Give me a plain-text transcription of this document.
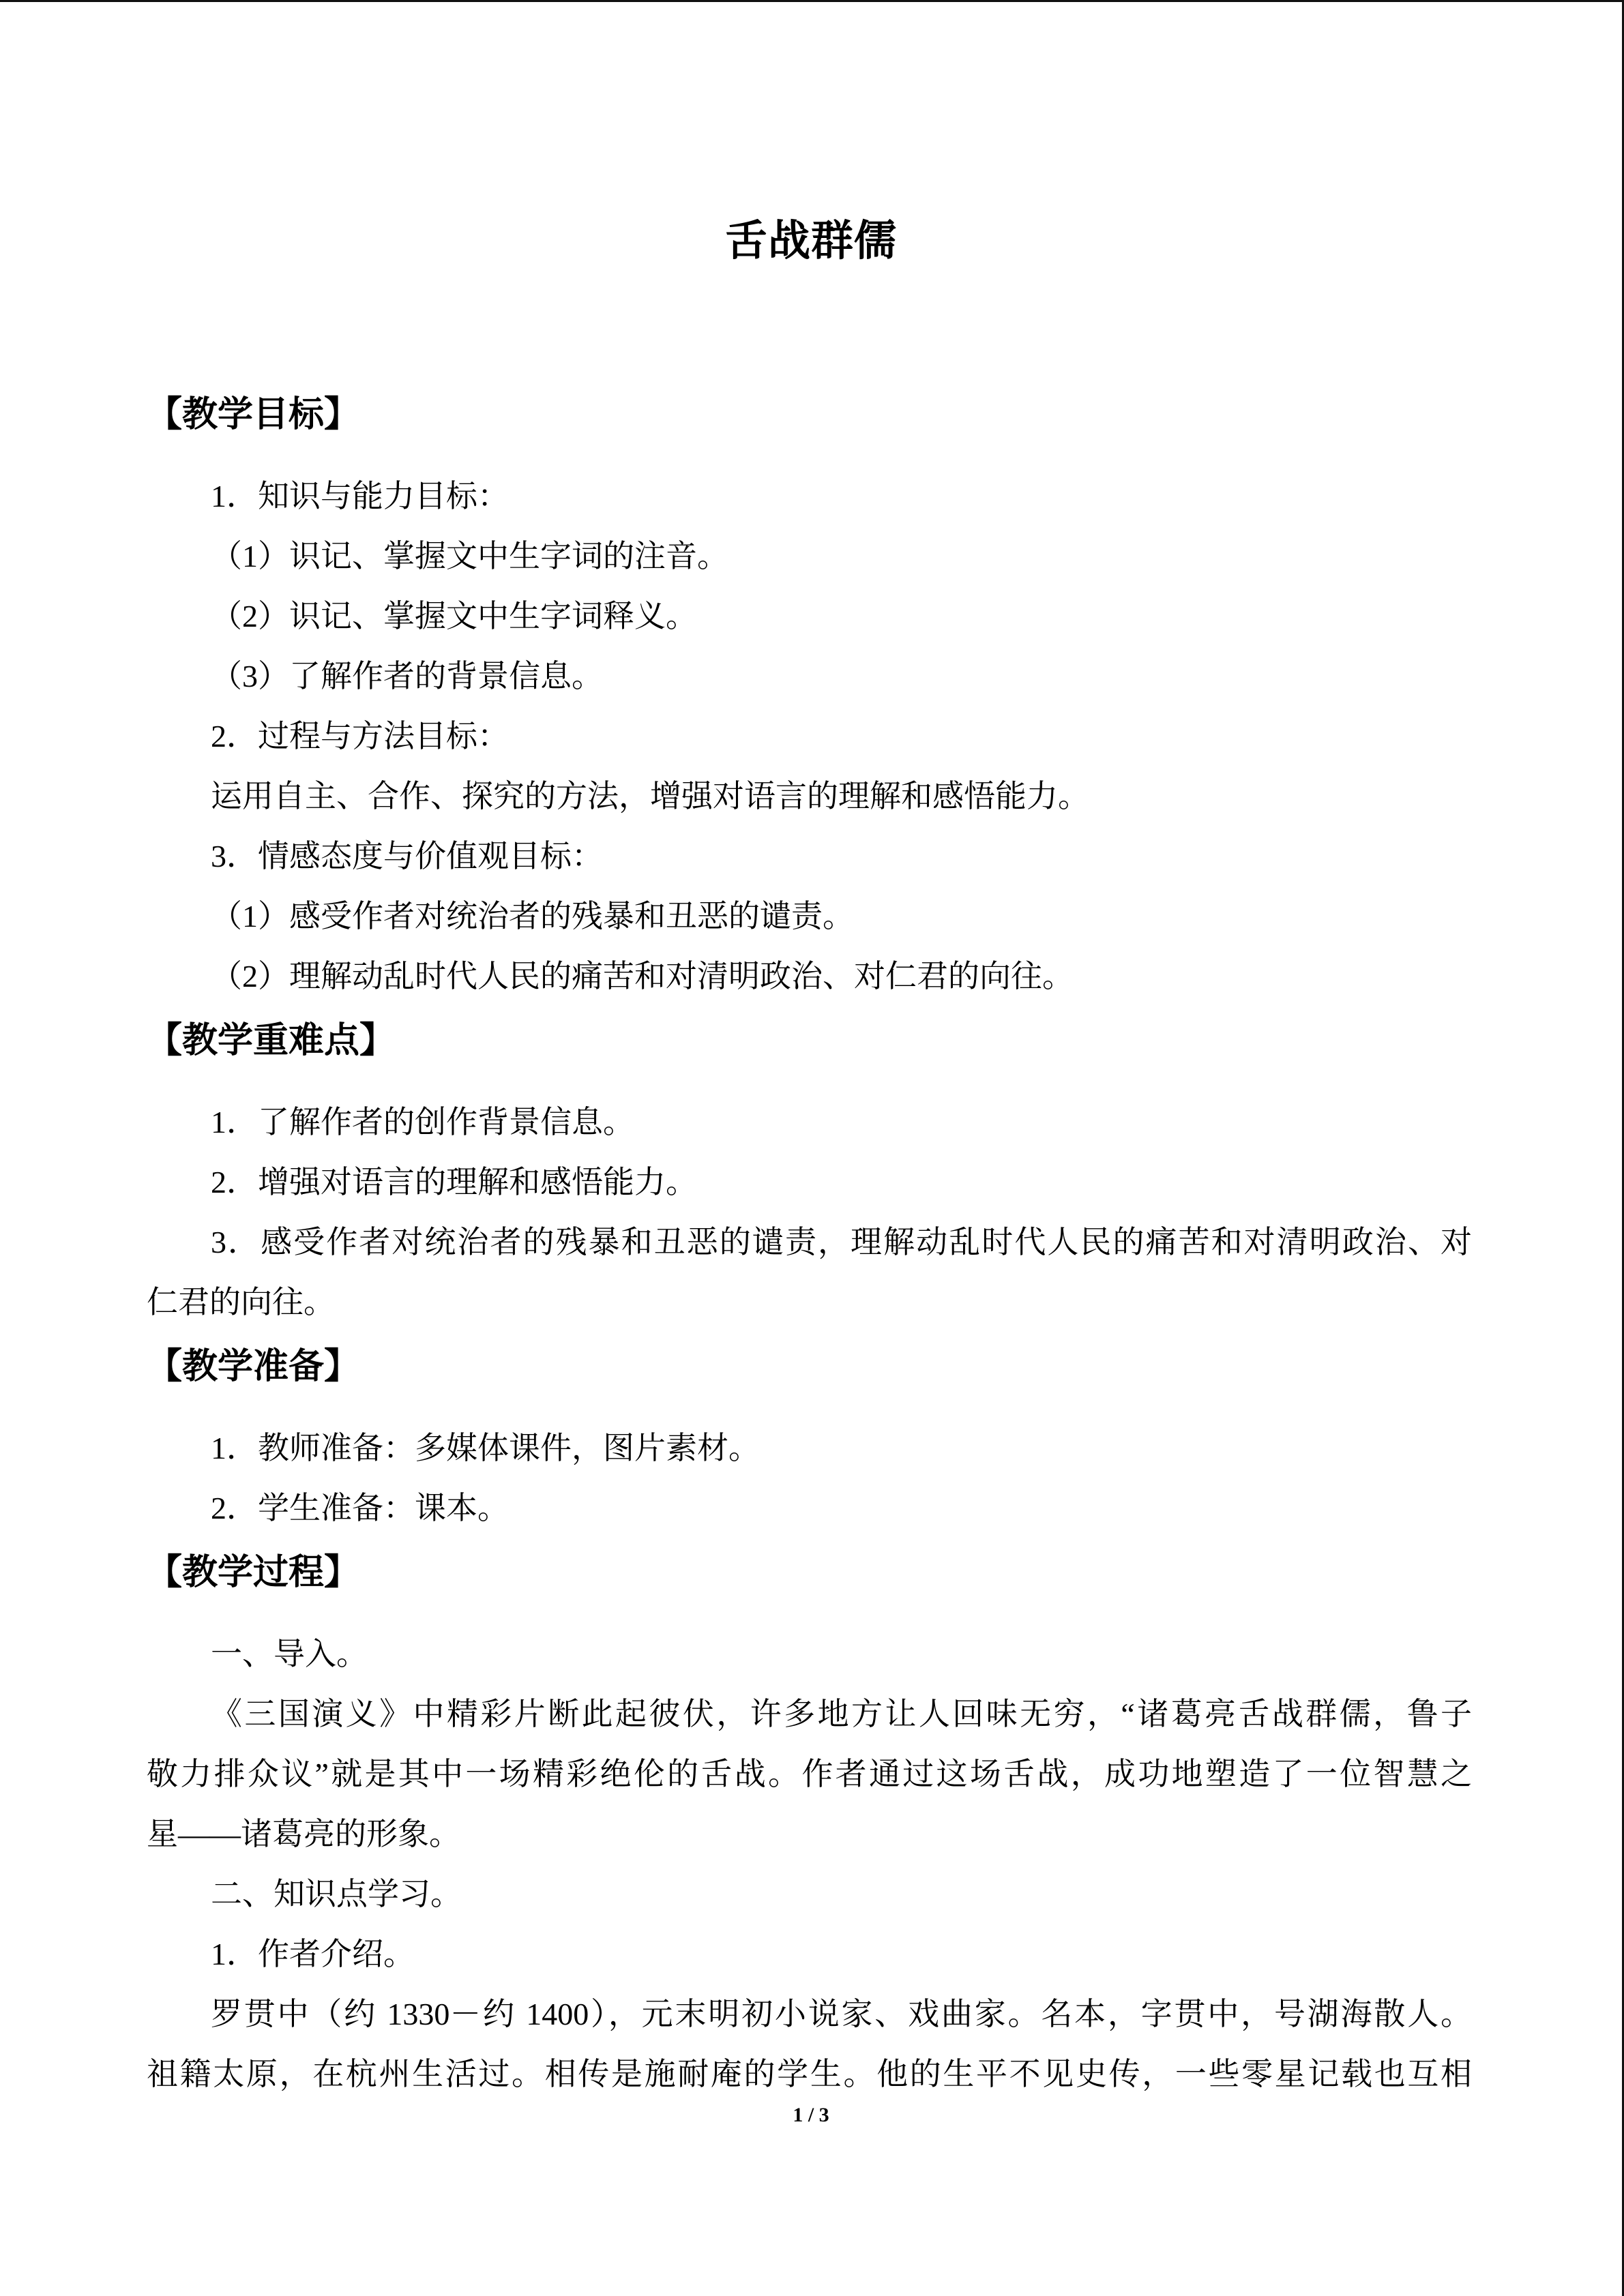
舌战群儒
【教学目标】

1．知识与能力目标：

（1）识记、掌握文中生字词的注音。

（2）识记、掌握文中生字词释义。

（3）了解作者的背景信息。

2．过程与方法目标：

运用自主、合作、探究的方法，增强对语言的理解和感悟能力。

3．情感态度与价值观目标：

（1）感受作者对统治者的残暴和丑恶的谴责。

（2）理解动乱时代人民的痛苦和对清明政治、对仁君的向往。

【教学重难点】

1．了解作者的创作背景信息。

2．增强对语言的理解和感悟能力。

3．感受作者对统治者的残暴和丑恶的谴责，理解动乱时代人民的痛苦和对清明政治、对

仁君的向往。

【教学准备】

1．教师准备：多媒体课件，图片素材。

2．学生准备：课本。

【教学过程】

一、导入。

《三国演义》中精彩片断此起彼伏，许多地方让人回味无穷，“诸葛亮舌战群儒，鲁子

敬力排众议”就是其中一场精彩绝伦的舌战。作者通过这场舌战，成功地塑造了一位智慧之

星——诸葛亮的形象。

二、知识点学习。

1．作者介绍。

罗贯中（约 1330－约 1400），元末明初小说家、戏曲家。名本，字贯中，号湖海散人。

祖籍太原，在杭州生活过。相传是施耐庵的学生。他的生平不见史传，一些零星记载也互相

1 / 3
